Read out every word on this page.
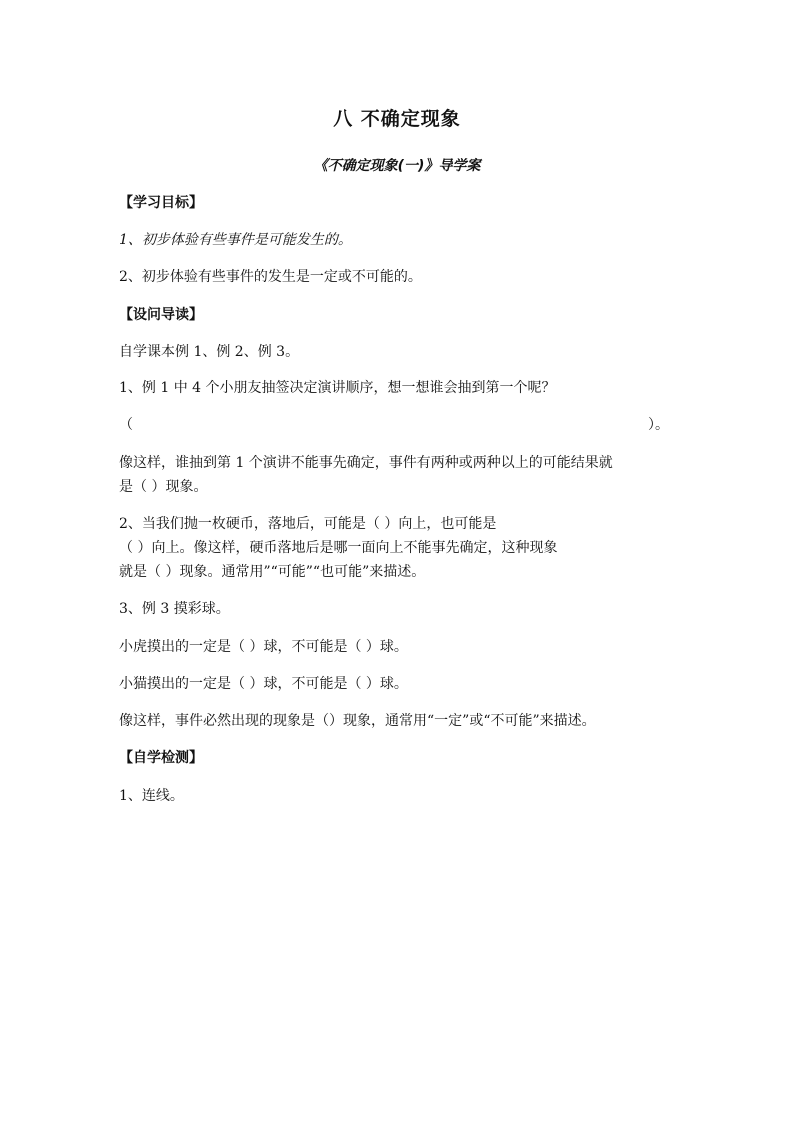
八 不确定现象
《不确定现象(一)》导学案
【学习目标】
1、初步体验有些事件是可能发生的。
2、初步体验有些事件的发生是一定或不可能的。
【设问导读】
自学课本例 1、例 2、例 3。
1、例 1 中 4 个小朋友抽签决定演讲顺序，想一想谁会抽到第一个呢？
（	）。
像这样，谁抽到第 1 个演讲不能事先确定，事件有两种或两种以上的可能结果就
是（ ）现象。
2、当我们抛一枚硬币，落地后，可能是（ ）向上，也可能是
（ ）向上。像这样，硬币落地后是哪一面向上不能事先确定，这种现象
就是（ ）现象。通常用”“可能”“也可能”来描述。
3、例 3 摸彩球。
小虎摸出的一定是（ ）球，不可能是（ ）球。
小猫摸出的一定是（ ）球，不可能是（ ）球。
像这样，事件必然出现的现象是（）现象，通常用“一定”或“不可能”来描述。
【自学检测】
1、连线。
